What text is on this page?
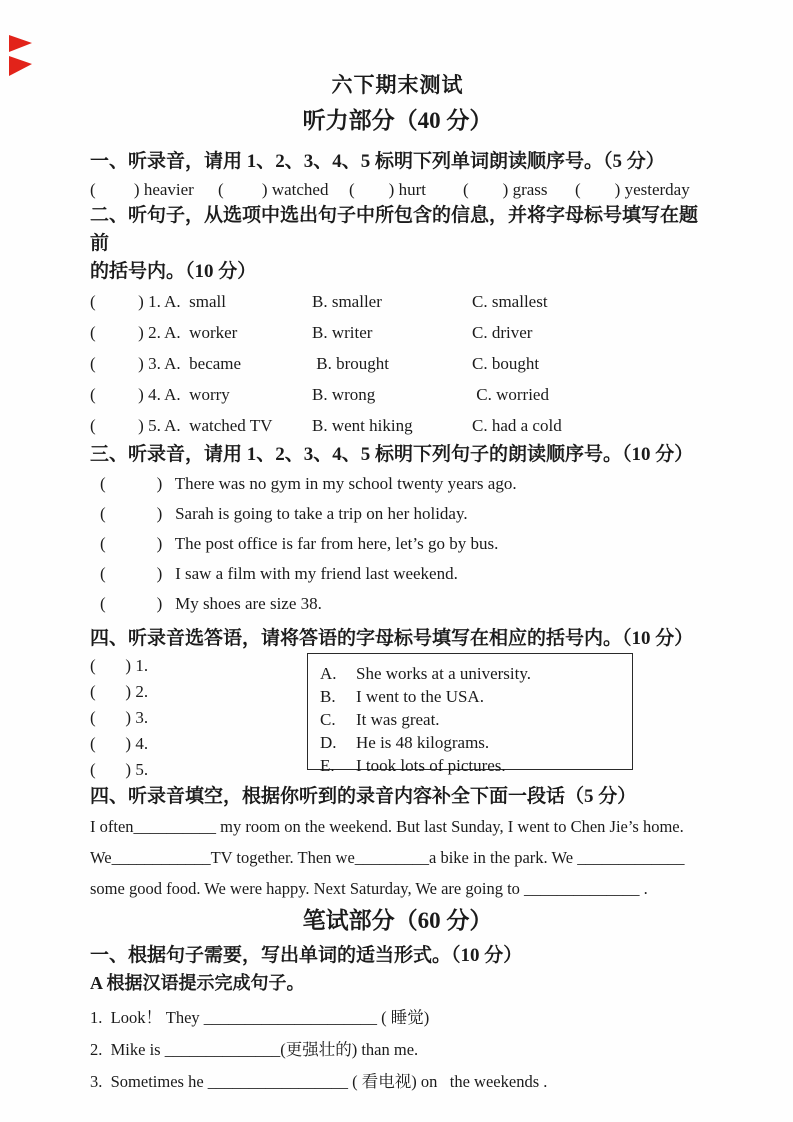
六下期末测试
听力部分（40 分）
一、听录音，请用 1、2、3、4、5 标明下列单词朗读顺序号。（5 分）
(         ) heavier	(         ) watched	(        ) hurt	(        ) grass	(        ) yesterday
二、听句子，从选项中选出句子中所包含的信息，并将字母标号填写在题前
的括号内。（10 分）
(          ) 1. A.  small	B. smaller	C. smallest
(          ) 2. A.  worker	B. writer	C. driver
(          ) 3. A.  became	B. brought	C. bought
(          ) 4. A.  worry	B. wrong	C. worried
(          ) 5. A.  watched TV	B. went hiking	C. had a cold
三、听录音，请用 1、2、3、4、5 标明下列句子的朗读顺序号。（10 分）
(            )   There was no gym in my school twenty years ago.
(            )   Sarah is going to take a trip on her holiday.
(            )   The post office is far from here, let’s go by bus.
(            )   I saw a film with my friend last weekend.
(            )   My shoes are size 38.
四、听录音选答语，请将答语的字母标号填写在相应的括号内。（10 分）
(       ) 1.
(       ) 2.
(       ) 3.
(       ) 4.
(       ) 5.
A.	She works at a university.
B.	I went to the USA.
C.	It was great.
D.	He is 48 kilograms.
E.	I took lots of pictures.
四、听录音填空，根据你听到的录音内容补全下面一段话（5 分）
I often__________ my room on the weekend. But last Sunday, I went to Chen Jie’s home.
We____________TV together. Then we_________a bike in the park. We _____________
some good food. We were happy. Next Saturday, We are going to ______________ .
笔试部分（60 分）
一、根据句子需要，写出单词的适当形式。（10 分）
A 根据汉语提示完成句子。
1.  Look！ They _____________________ ( 睡觉)
2.  Mike is ______________(更强壮的) than me.
3.  Sometimes he _________________ ( 看电视) on   the weekends .
